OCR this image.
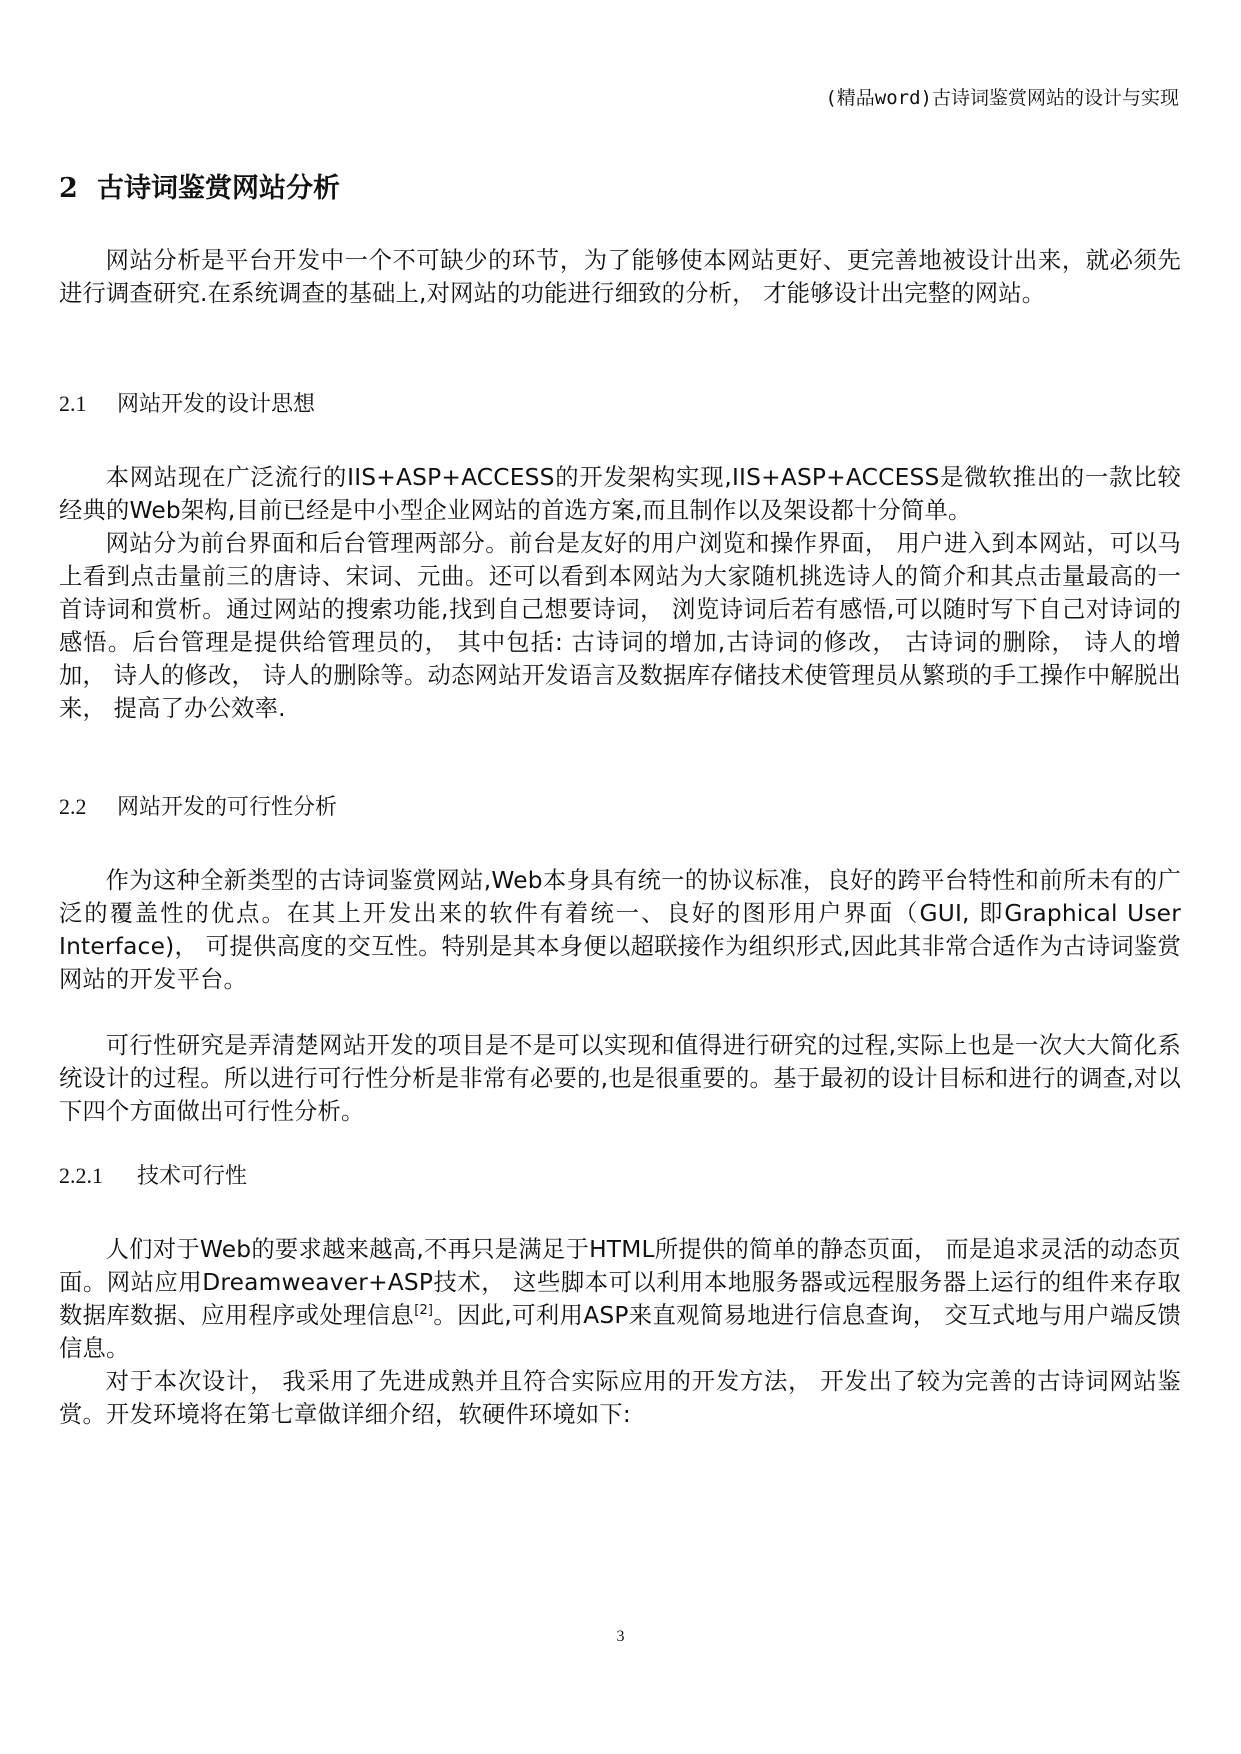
(精品word)古诗词鉴赏网站的设计与实现
2 古诗词鉴赏网站分析

网站分析是平台开发中一个不可缺少的环节，为了能够使本网站更好、更完善地被设计出来，就必须先进行调查研究.在系统调查的基础上,对网站的功能进行细致的分析， 才能够设计出完整的网站。

2.1 网站开发的设计思想

本网站现在广泛流行的IIS+ASP+ACCESS的开发架构实现,IIS+ASP+ACCESS是微软推出的一款比较经典的Web架构,目前已经是中小型企业网站的首选方案,而且制作以及架设都十分简单。

网站分为前台界面和后台管理两部分。前台是友好的用户浏览和操作界面， 用户进入到本网站，可以马上看到点击量前三的唐诗、宋词、元曲。还可以看到本网站为大家随机挑选诗人的简介和其点击量最高的一首诗词和赏析。通过网站的搜索功能,找到自己想要诗词， 浏览诗词后若有感悟,可以随时写下自己对诗词的感悟。后台管理是提供给管理员的， 其中包括: 古诗词的增加,古诗词的修改， 古诗词的删除， 诗人的增加， 诗人的修改， 诗人的删除等。动态网站开发语言及数据库存储技术使管理员从繁琐的手工操作中解脱出来， 提高了办公效率.

2.2 网站开发的可行性分析

作为这种全新类型的古诗词鉴赏网站,Web本身具有统一的协议标准，良好的跨平台特性和前所未有的广泛的覆盖性的优点。在其上开发出来的软件有着统一、良好的图形用户界面（GUI, 即Graphical User Interface)， 可提供高度的交互性。特别是其本身便以超联接作为组织形式,因此其非常合适作为古诗词鉴赏网站的开发平台。

可行性研究是弄清楚网站开发的项目是不是可以实现和值得进行研究的过程,实际上也是一次大大简化系统设计的过程。所以进行可行性分析是非常有必要的,也是很重要的。基于最初的设计目标和进行的调查,对以下四个方面做出可行性分析。

2.2.1 技术可行性

人们对于Web的要求越来越高,不再只是满足于HTML所提供的简单的静态页面， 而是追求灵活的动态页面。网站应用Dreamweaver+ASP技术， 这些脚本可以利用本地服务器或远程服务器上运行的组件来存取数据库数据、应用程序或处理信息[2]。因此,可利用ASP来直观简易地进行信息查询， 交互式地与用户端反馈信息。

对于本次设计， 我采用了先进成熟并且符合实际应用的开发方法， 开发出了较为完善的古诗词网站鉴赏。开发环境将在第七章做详细介绍，软硬件环境如下:

3
